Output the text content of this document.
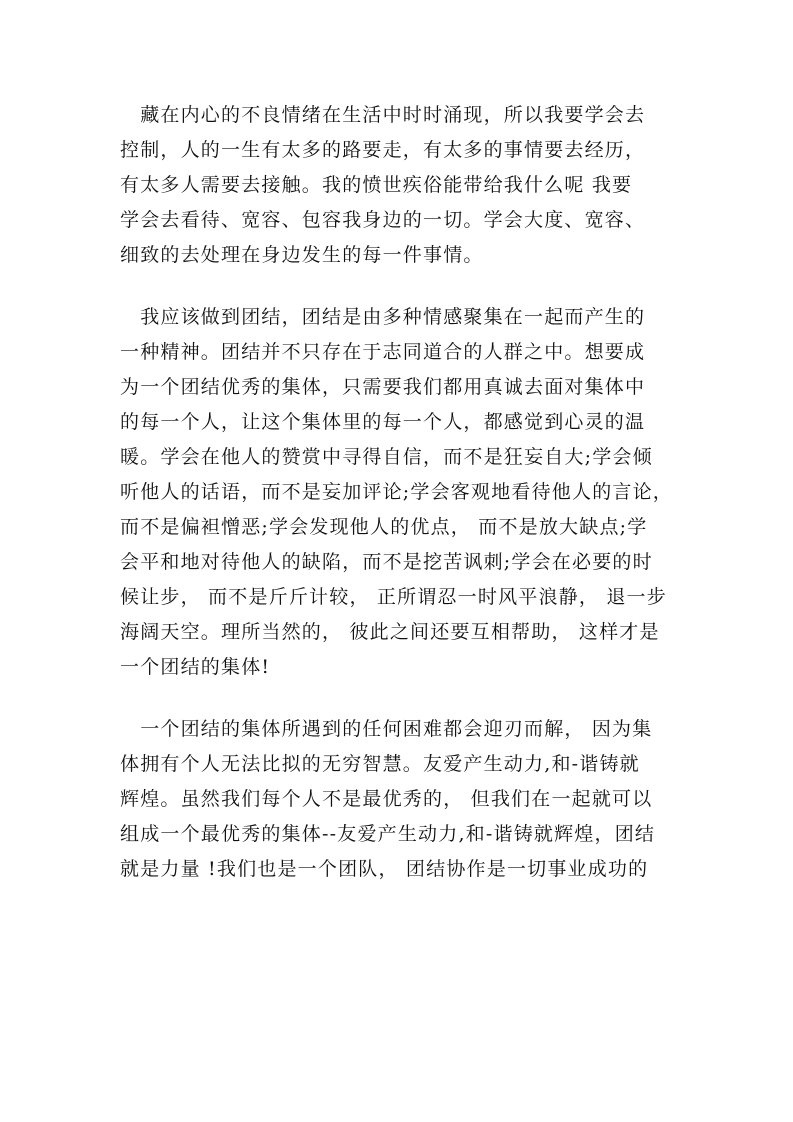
　藏在内心的不良情绪在生活中时时涌现，所以我要学会去
控制，人的一生有太多的路要走，有太多的事情要去经历，
有太多人需要去接触。我的愤世疾俗能带给我什么呢 我要
学会去看待、宽容、包容我身边的一切。学会大度、宽容、
细致的去处理在身边发生的每一件事情。

　我应该做到团结，团结是由多种情感聚集在一起而产生的
一种精神。团结并不只存在于志同道合的人群之中。想要成
为一个团结优秀的集体，只需要我们都用真诚去面对集体中
的每一个人，让这个集体里的每一个人，都感觉到心灵的温
暖。学会在他人的赞赏中寻得自信，而不是狂妄自大;学会倾
听他人的话语，而不是妄加评论;学会客观地看待他人的言论，
而不是偏袒憎恶;学会发现他人的优点， 而不是放大缺点;学
会平和地对待他人的缺陷，而不是挖苦讽刺;学会在必要的时
候让步， 而不是斤斤计较， 正所谓忍一时风平浪静， 退一步
海阔天空。理所当然的， 彼此之间还要互相帮助， 这样才是
一个团结的集体!

　一个团结的集体所遇到的任何困难都会迎刃而解， 因为集
体拥有个人无法比拟的无穷智慧。友爱产生动力,和-谐铸就
辉煌。虽然我们每个人不是最优秀的， 但我们在一起就可以
组成一个最优秀的集体--友爱产生动力,和-谐铸就辉煌，团结
就是力量 !我们也是一个团队， 团结协作是一切事业成功的
